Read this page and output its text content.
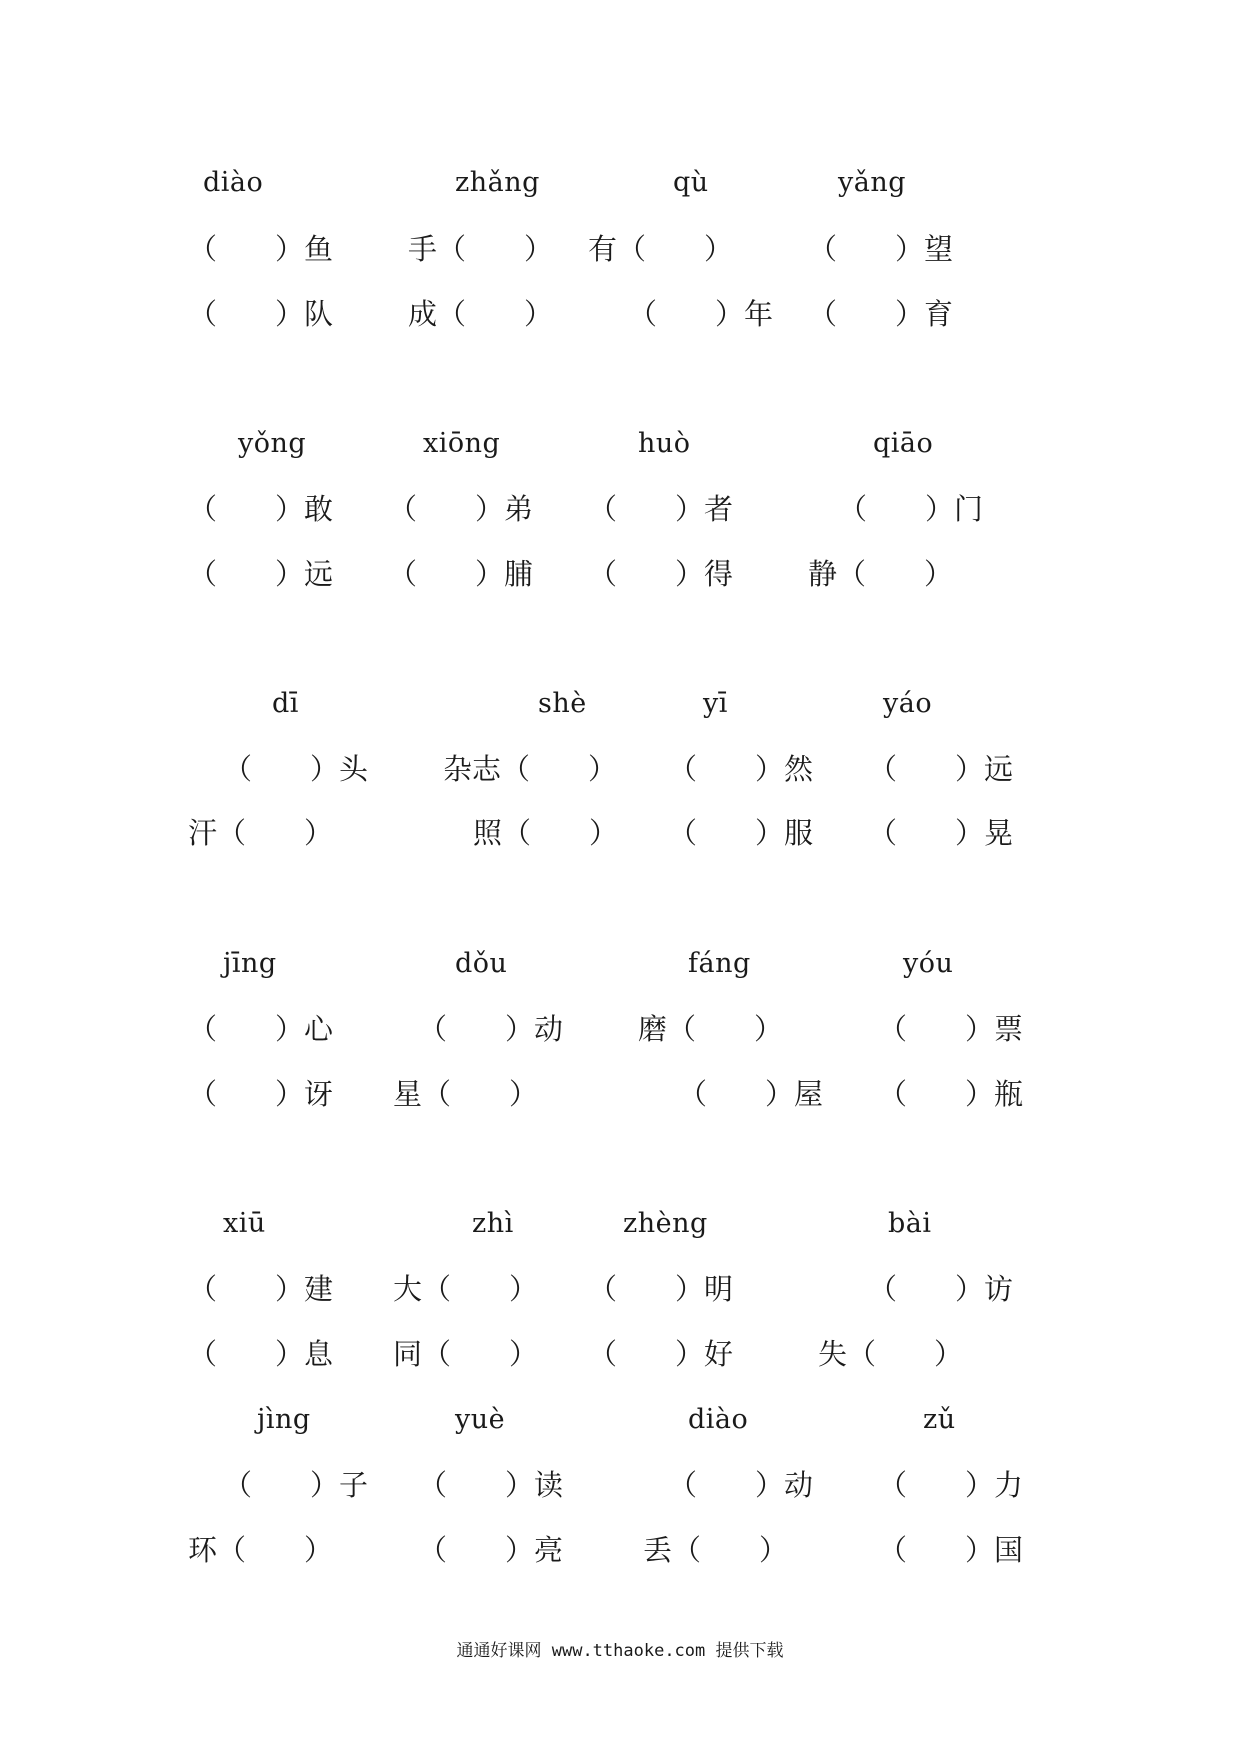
diào	zhǎng	qù	yǎng
（　　）鱼	手（　　） 有（　　）	（　　）望
（　　）队	成（　　）	（　　）年 （　　）育
yǒng	xiōng	huò	qiāo
（　　）敢 （　　）弟 （　　）者	（　　）门
（　　）远 （　　）脯 （　　）得	静（　　）
dī	shè	yī	yáo
（　　）头	杂志（　　） （　　）然 （　　）远
汗（　　）	照（　　） （　　）服 （　　）晃
jīng	dǒu	fáng	yóu
（　　）心	（　　）动	磨（　　）	（　　）票
（　　）讶 星（　　）	（　　）屋 （　　）瓶
xiū	zhì	zhèng	bài
（　　）建 大（　　） （　　）明	（　　）访
（　　）息 同（　　） （　　）好	失（　　）
jìng	yuè	diào	zǔ
（　　）子 （　　）读	（　　）动 （　　）力
环（　　）	（　　）亮	丢（　　）	（　　）国
通通好课网 www.tthaoke.com 提供下载
